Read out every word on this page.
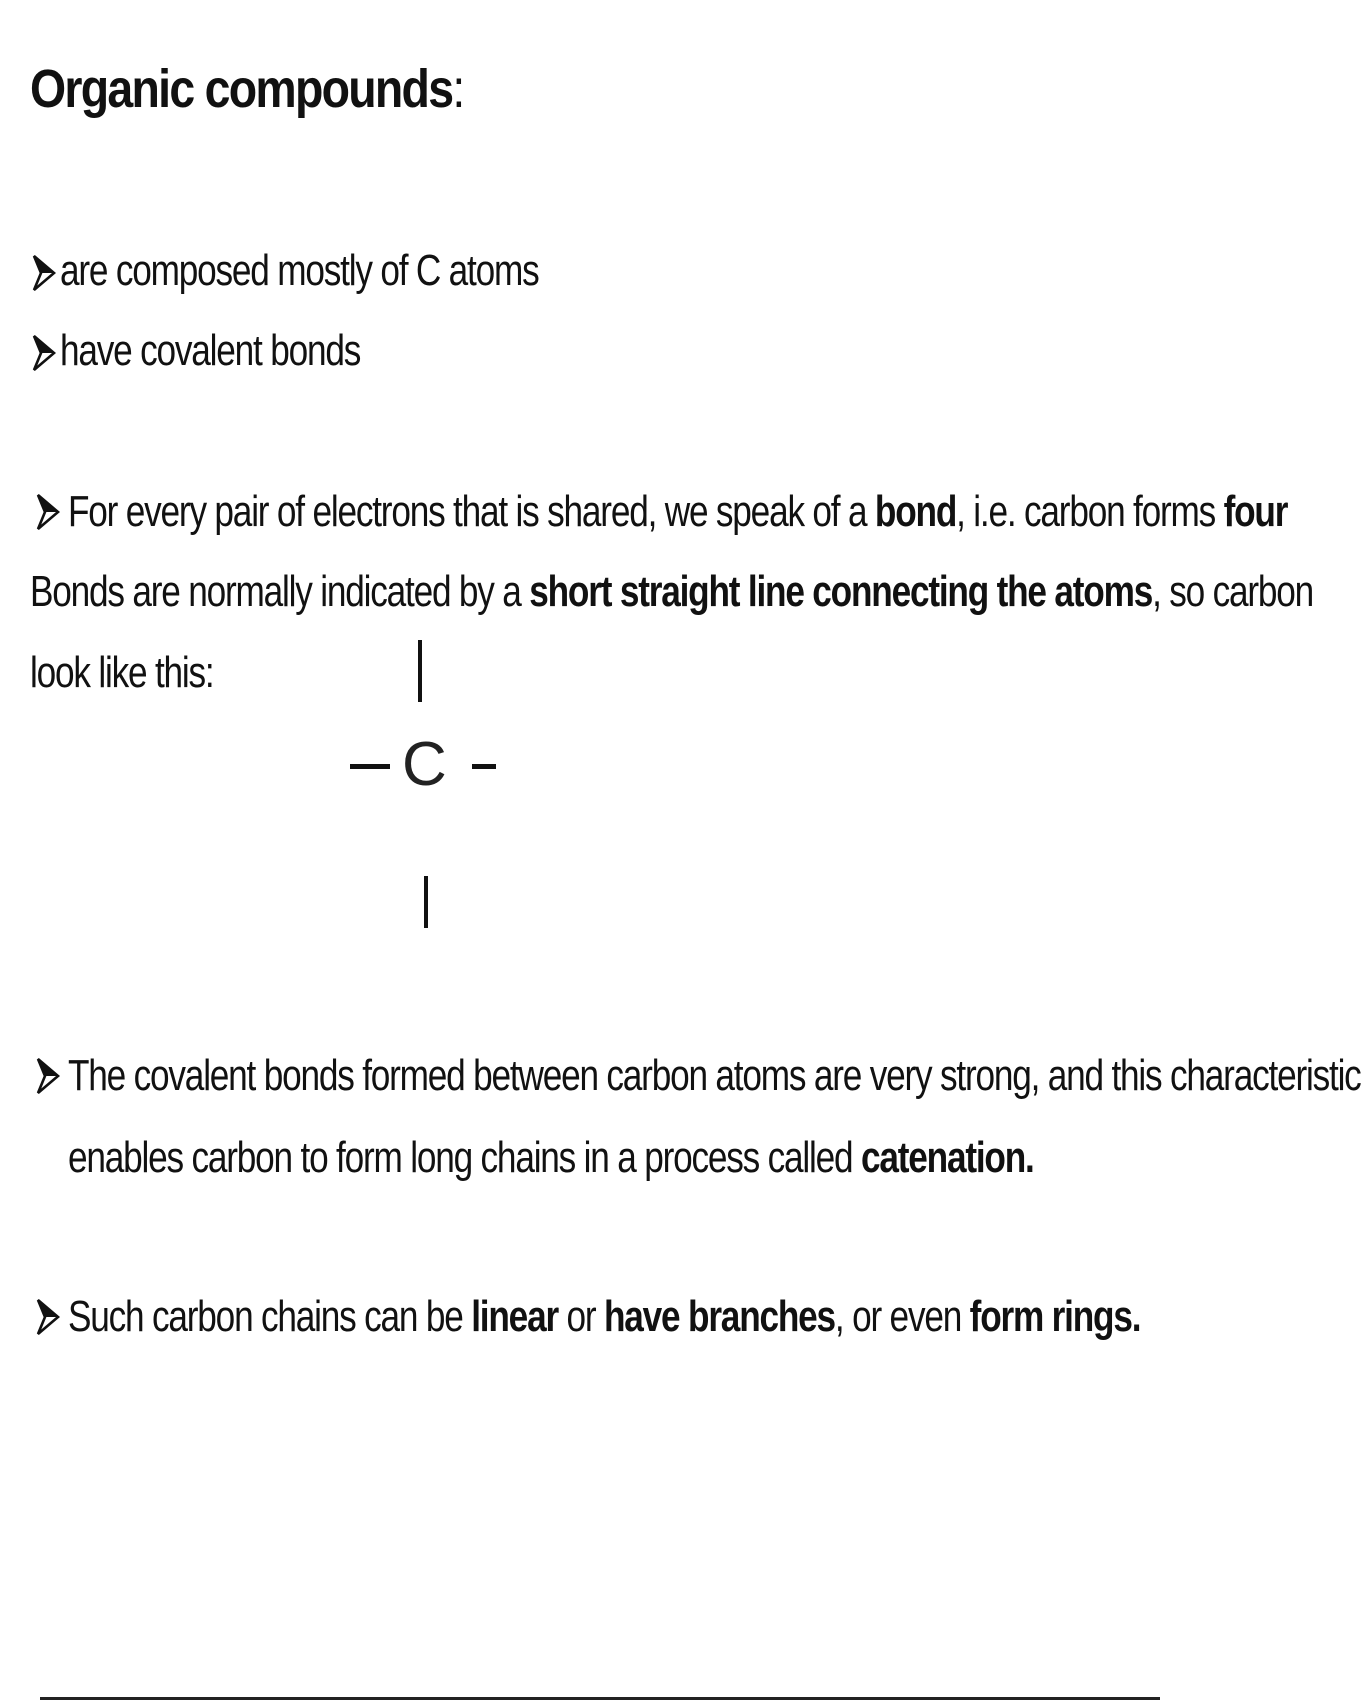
Organic compounds:
are composed mostly of C atoms
have covalent bonds
For every pair of electrons that is shared, we speak of a bond, i.e. carbon forms four
Bonds are normally indicated by a short straight line connecting the atoms, so carbon
look like this:
C
The covalent bonds formed between carbon atoms are very strong, and this characteristic
enables carbon to form long chains in a process called catenation.
Such carbon chains can be linear or have branches, or even form rings.
